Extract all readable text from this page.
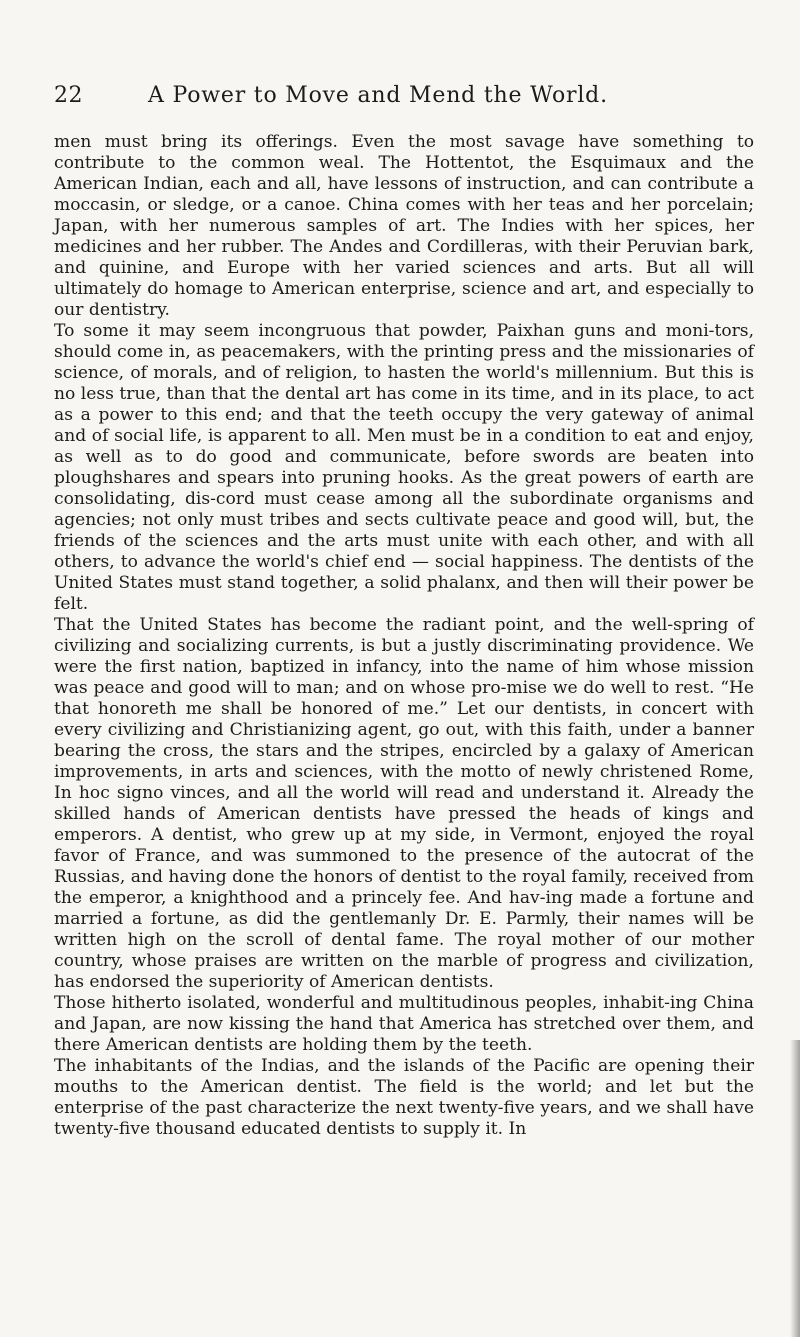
22	A Power to Move and Mend the World.

men must bring its offerings. Even the most savage have something to contribute to the common weal. The Hottentot, the Esquimaux and the American Indian, each and all, have lessons of instruction, and can contribute a moccasin, or sledge, or a canoe. China comes with her teas and her porcelain; Japan, with her numerous samples of art. The Indies with her spices, her medicines and her rubber. The Andes and Cordilleras, with their Peruvian bark, and quinine, and Europe with her varied sciences and arts. But all will ultimately do homage to American enterprise, science and art, and especially to our dentistry.

To some it may seem incongruous that powder, Paixhan guns and moni-tors, should come in, as peacemakers, with the printing press and the missionaries of science, of morals, and of religion, to hasten the world's millennium. But this is no less true, than that the dental art has come in its time, and in its place, to act as a power to this end; and that the teeth occupy the very gateway of animal and of social life, is apparent to all. Men must be in a condition to eat and enjoy, as well as to do good and communicate, before swords are beaten into ploughshares and spears into pruning hooks. As the great powers of earth are consolidating, dis-cord must cease among all the subordinate organisms and agencies; not only must tribes and sects cultivate peace and good will, but, the friends of the sciences and the arts must unite with each other, and with all others, to advance the world's chief end — social happiness. The dentists of the United States must stand together, a solid phalanx, and then will their power be felt.

That the United States has become the radiant point, and the well-spring of civilizing and socializing currents, is but a justly discriminating providence. We were the first nation, baptized in infancy, into the name of him whose mission was peace and good will to man; and on whose pro-mise we do well to rest. “He that honoreth me shall be honored of me.” Let our dentists, in concert with every civilizing and Christianizing agent, go out, with this faith, under a banner bearing the cross, the stars and the stripes, encircled by a galaxy of American improvements, in arts and sciences, with the motto of newly christened Rome, In hoc signo vinces, and all the world will read and understand it. Already the skilled hands of American dentists have pressed the heads of kings and emperors. A dentist, who grew up at my side, in Vermont, enjoyed the royal favor of France, and was summoned to the presence of the autocrat of the Russias, and having done the honors of dentist to the royal family, received from the emperor, a knighthood and a princely fee. And hav-ing made a fortune and married a fortune, as did the gentlemanly Dr. E. Parmly, their names will be written high on the scroll of dental fame. The royal mother of our mother country, whose praises are written on the marble of progress and civilization, has endorsed the superiority of American dentists.

Those hitherto isolated, wonderful and multitudinous peoples, inhabit-ing China and Japan, are now kissing the hand that America has stretched over them, and there American dentists are holding them by the teeth.

The inhabitants of the Indias, and the islands of the Pacific are opening their mouths to the American dentist. The field is the world; and let but the enterprise of the past characterize the next twenty-five years, and we shall have twenty-five thousand educated dentists to supply it. In
